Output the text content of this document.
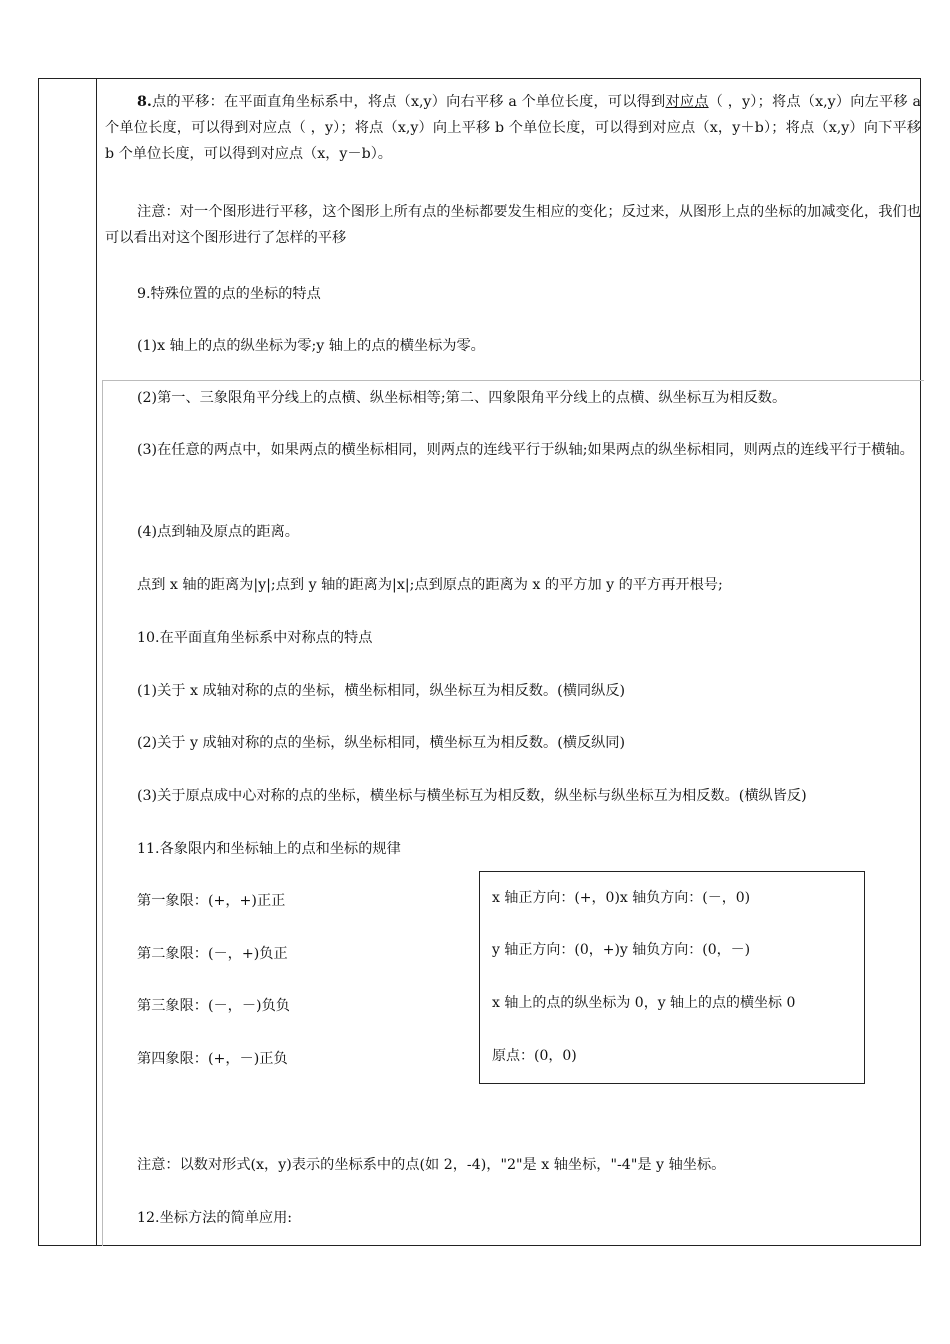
8.点的平移：在平面直角坐标系中，将点（x,y）向右平移 a 个单位长度，可以得到对应点（ ，y）；将点（x,y）向左平移 a 个单位长度，可以得到对应点（ ，y）；将点（x,y）向上平移 b 个单位长度，可以得到对应点（x，y＋b）；将点（x,y）向下平移 b 个单位长度，可以得到对应点（x，y－b）。
注意：对一个图形进行平移，这个图形上所有点的坐标都要发生相应的变化；反过来，从图形上点的坐标的加减变化，我们也可以看出对这个图形进行了怎样的平移
9.特殊位置的点的坐标的特点
(1)x 轴上的点的纵坐标为零;y 轴上的点的横坐标为零。
(2)第一、三象限角平分线上的点横、纵坐标相等;第二、四象限角平分线上的点横、纵坐标互为相反数。
(3)在任意的两点中，如果两点的横坐标相同，则两点的连线平行于纵轴;如果两点的纵坐标相同，则两点的连线平行于横轴。
(4)点到轴及原点的距离。
点到 x 轴的距离为|y|;点到 y 轴的距离为|x|;点到原点的距离为 x 的平方加 y 的平方再开根号;
10.在平面直角坐标系中对称点的特点
(1)关于 x 成轴对称的点的坐标，横坐标相同，纵坐标互为相反数。(横同纵反)
(2)关于 y 成轴对称的点的坐标，纵坐标相同，横坐标互为相反数。(横反纵同)
(3)关于原点成中心对称的点的坐标，横坐标与横坐标互为相反数，纵坐标与纵坐标互为相反数。(横纵皆反)
11.各象限内和坐标轴上的点和坐标的规律
第一象限：(+，+)正正
第二象限：(－，+)负正
第三象限：(－，－)负负
第四象限：(+，－)正负
x 轴正方向：(+，0)x 轴负方向：(－，0)
y 轴正方向：(0，+)y 轴负方向：(0，－)
x 轴上的点的纵坐标为 0，y 轴上的点的横坐标 0
原点：(0，0)
注意：以数对形式(x，y)表示的坐标系中的点(如 2，-4)，"2"是 x 轴坐标，"-4"是 y 轴坐标。
12.坐标方法的简单应用:
